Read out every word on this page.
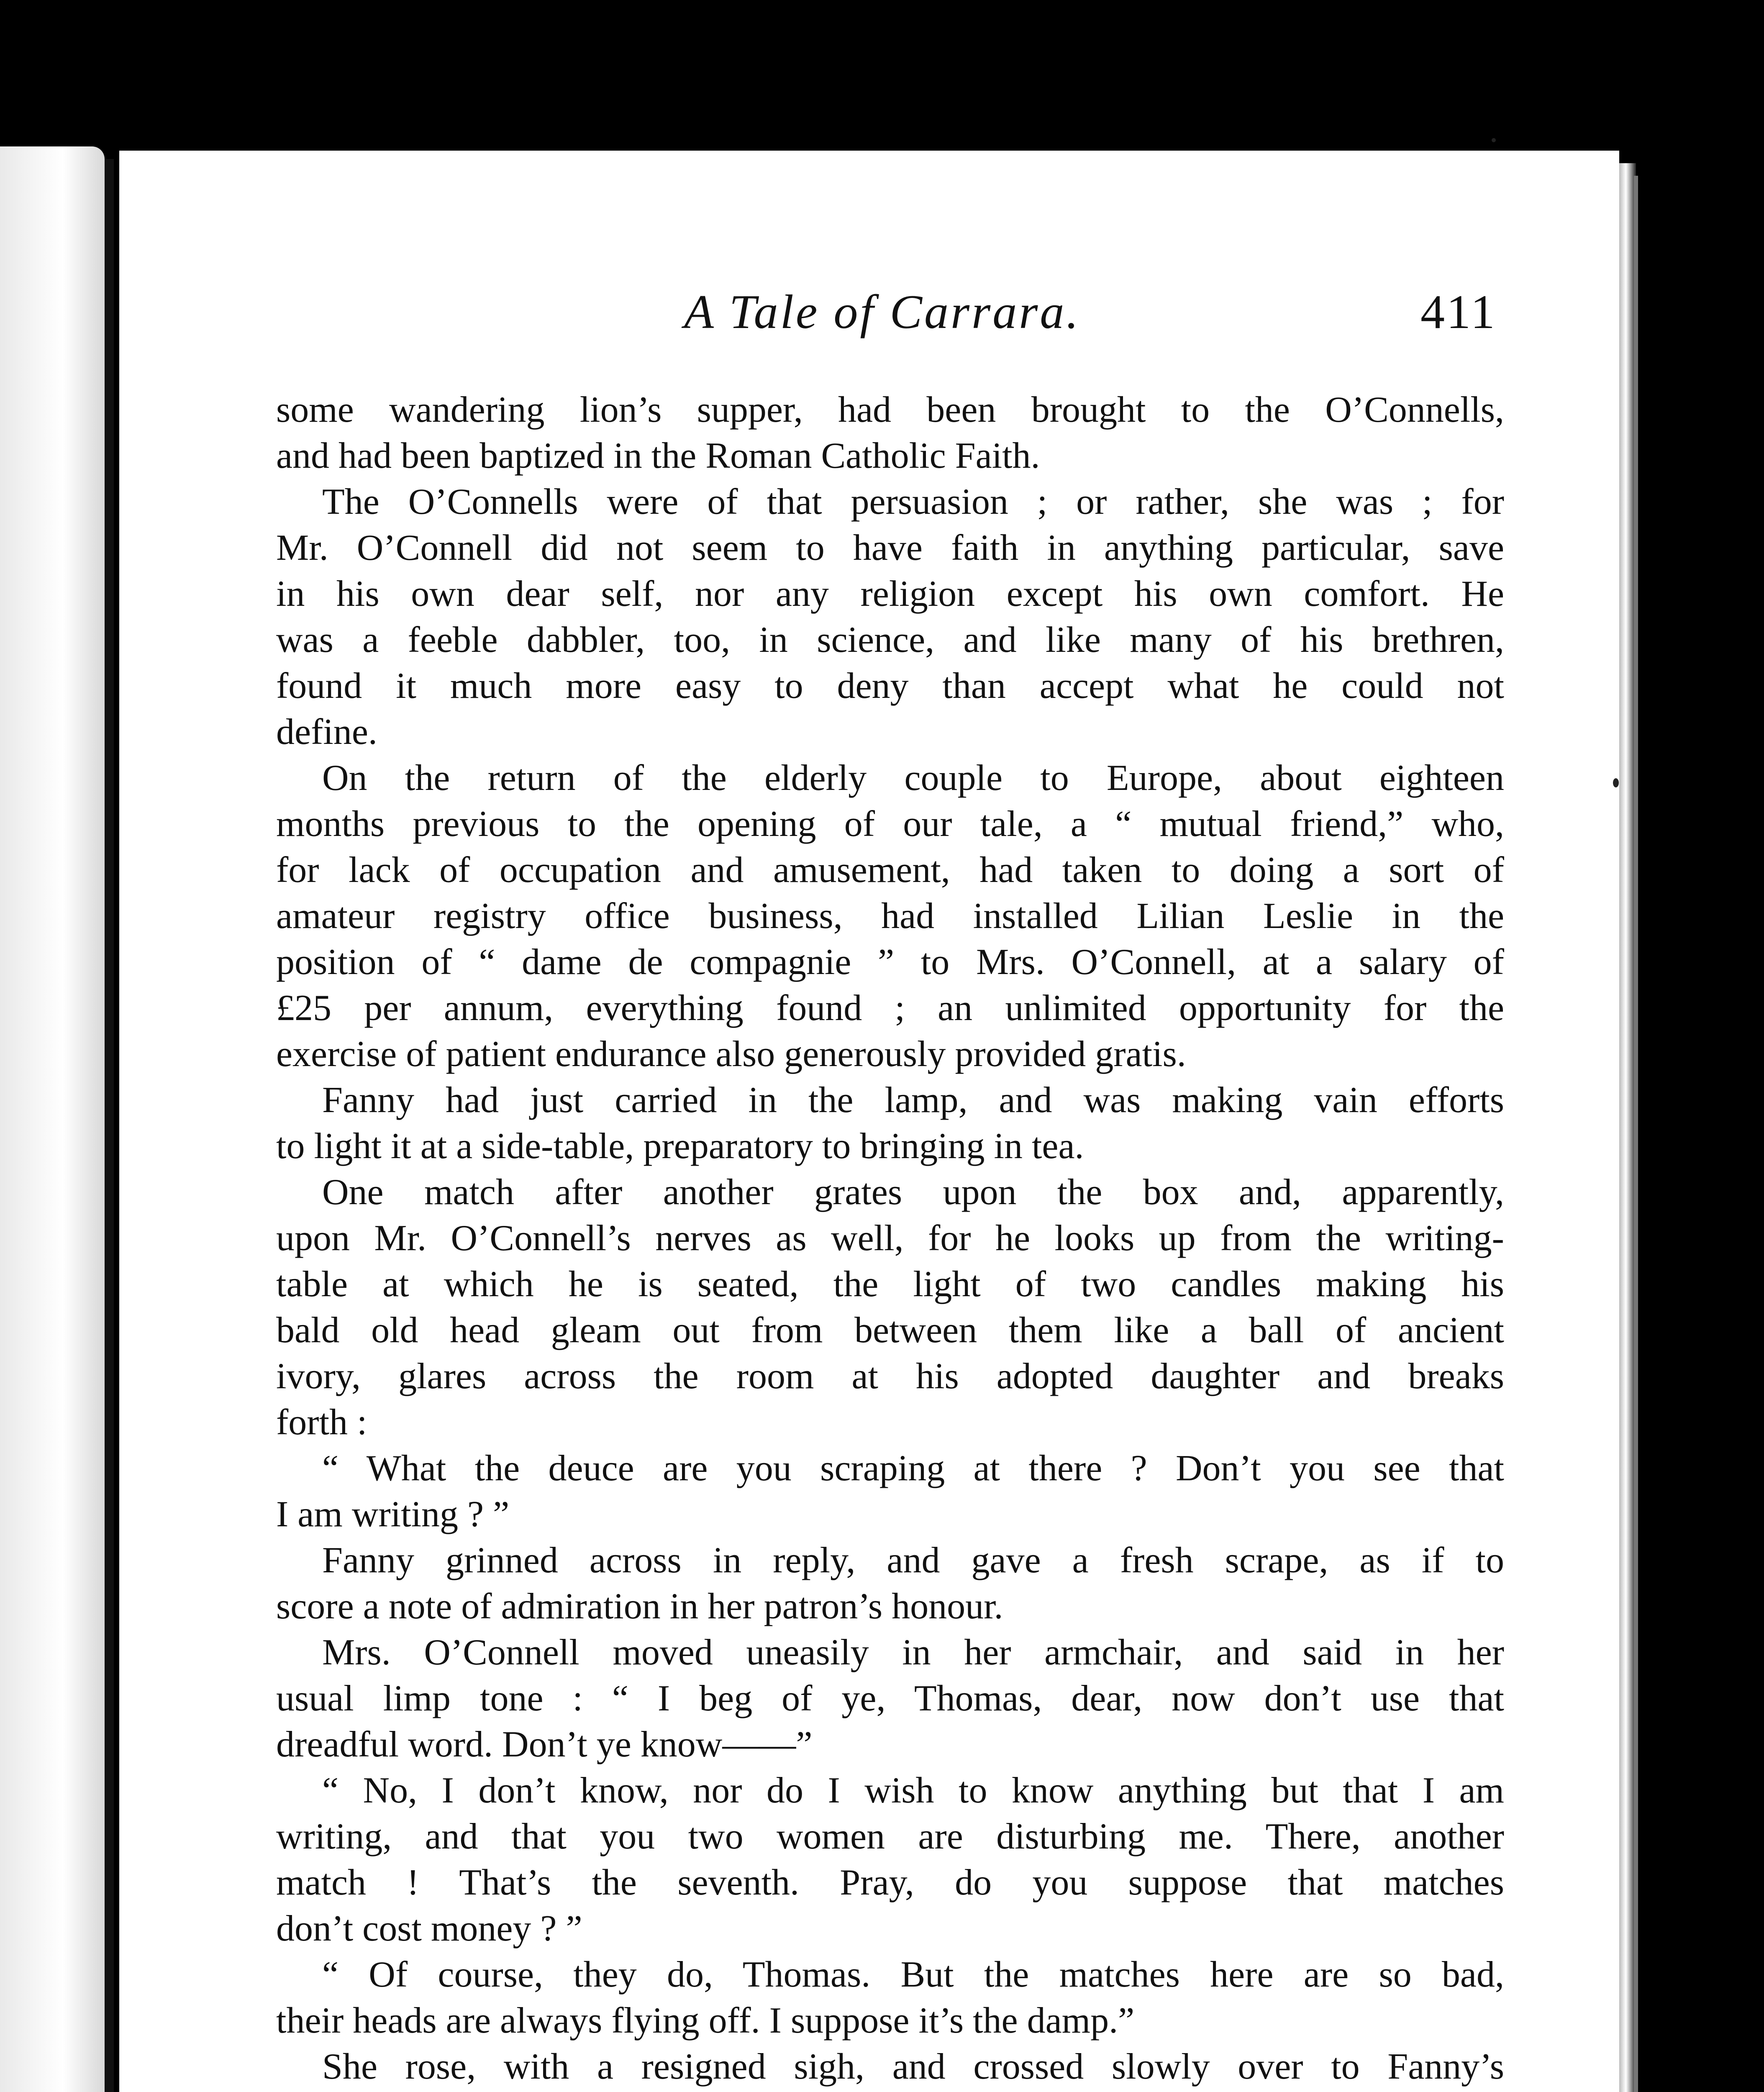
A Tale of Carrara.	411
some wandering lion’s supper, had been brought to the O’Connells,
and had been baptized in the Roman Catholic Faith.
The O’Connells were of that persuasion ; or rather, she was ; for
Mr. O’Connell did not seem to have faith in anything particular, save
in his own dear self, nor any religion except his own comfort. He
was a feeble dabbler, too, in science, and like many of his brethren,
found it much more easy to deny than accept what he could not
define.
On the return of the elderly couple to Europe, about eighteen
months previous to the opening of our tale, a “ mutual friend,” who,
for lack of occupation and amusement, had taken to doing a sort of
amateur registry office business, had installed Lilian Leslie in the
position of “ dame de compagnie ” to Mrs. O’Connell, at a salary of
£25 per annum, everything found ; an unlimited opportunity for the
exercise of patient endurance also generously provided gratis.
Fanny had just carried in the lamp, and was making vain efforts
to light it at a side-table, preparatory to bringing in tea.
One match after another grates upon the box and, apparently,
upon Mr. O’Connell’s nerves as well, for he looks up from the writing-
table at which he is seated, the light of two candles making his
bald old head gleam out from between them like a ball of ancient
ivory, glares across the room at his adopted daughter and breaks
forth :
“ What the deuce are you scraping at there ? Don’t you see that
I am writing ? ”
Fanny grinned across in reply, and gave a fresh scrape, as if to
score a note of admiration in her patron’s honour.
Mrs. O’Connell moved uneasily in her armchair, and said in her
usual limp tone : “ I beg of ye, Thomas, dear, now don’t use that
dreadful word. Don’t ye know——”
“ No, I don’t know, nor do I wish to know anything but that I am
writing, and that you two women are disturbing me. There, another
match ! That’s the seventh. Pray, do you suppose that matches
don’t cost money ? ”
“ Of course, they do, Thomas. But the matches here are so bad,
their heads are always flying off. I suppose it’s the damp.”
She rose, with a resigned sigh, and crossed slowly over to Fanny’s
